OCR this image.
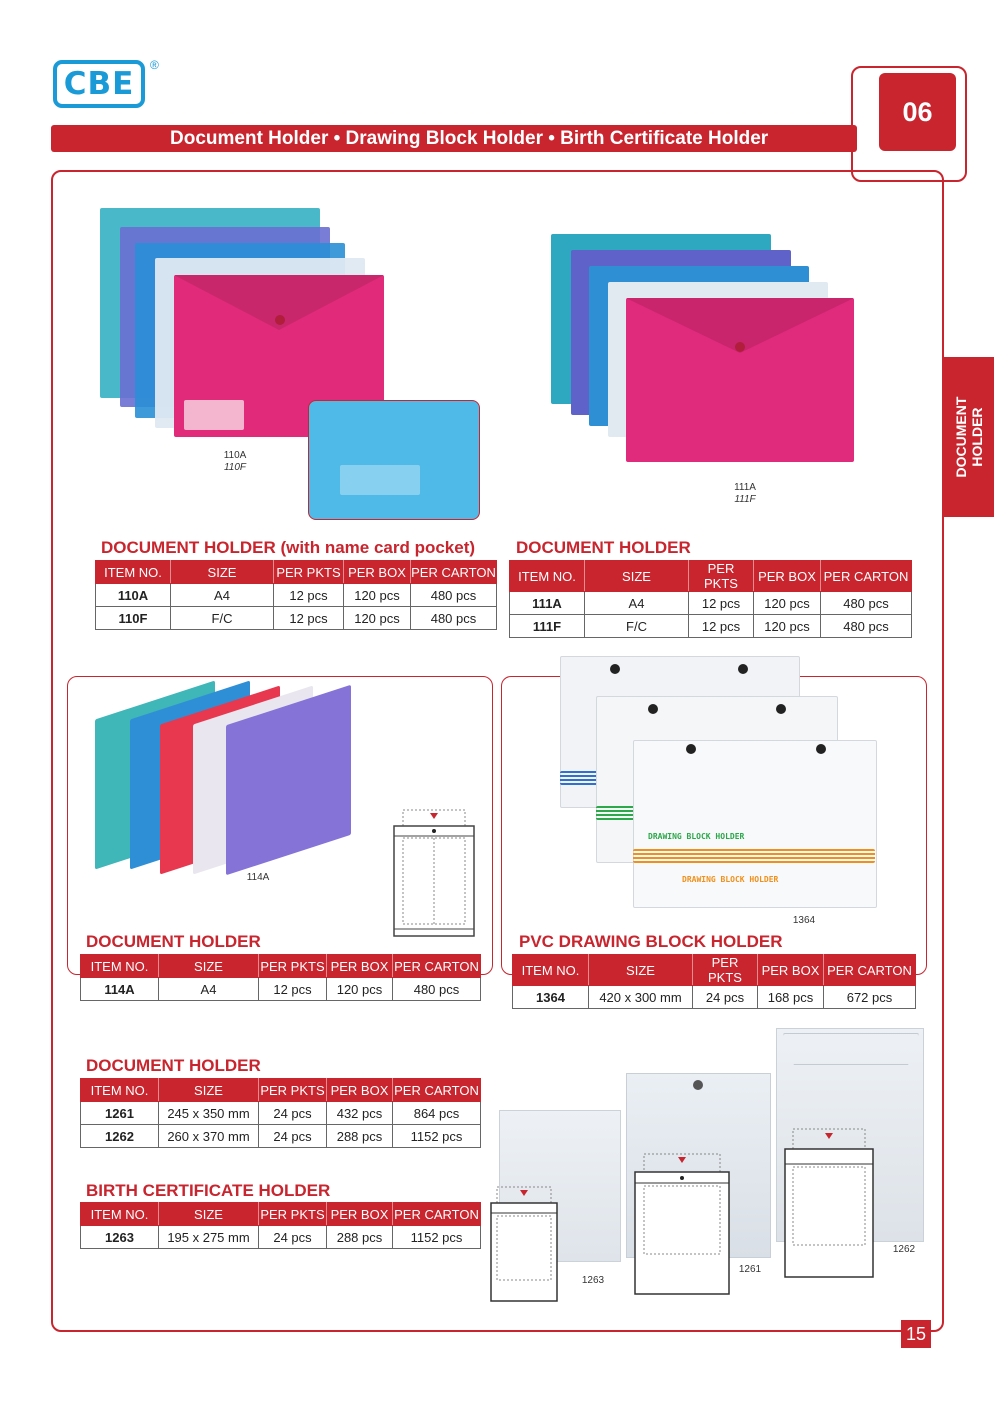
CBE
®
Document Holder • Drawing Block Holder • Birth Certificate Holder
06
DOCUMENT HOLDER
110A
110F
111A
111F
DOCUMENT HOLDER (with name card pocket)
ITEM NO.	SIZE	PER PKTS	PER BOX	PER CARTON
110A	A4	12 pcs	120 pcs	480 pcs
110F	F/C	12 pcs	120 pcs	480 pcs
DOCUMENT HOLDER
ITEM NO.	SIZE	PER PKTS	PER BOX	PER CARTON
111A	A4	12 pcs	120 pcs	480 pcs
111F	F/C	12 pcs	120 pcs	480 pcs
114A
DRAWING BLOCK HOLDER
DRAWING BLOCK HOLDER
1364
DOCUMENT HOLDER
ITEM NO.	SIZE	PER PKTS	PER BOX	PER CARTON
114A	A4	12 pcs	120 pcs	480 pcs
PVC DRAWING BLOCK HOLDER
ITEM NO.	SIZE	PER PKTS	PER BOX	PER CARTON
1364	420 x 300 mm	24 pcs	168 pcs	672 pcs
DOCUMENT HOLDER
ITEM NO.	SIZE	PER PKTS	PER BOX	PER CARTON
1261	245 x 350 mm	24 pcs	432 pcs	864 pcs
1262	260 x 370 mm	24 pcs	288 pcs	1152 pcs
BIRTH CERTIFICATE HOLDER
ITEM NO.	SIZE	PER PKTS	PER BOX	PER CARTON
1263	195 x 275 mm	24 pcs	288 pcs	1152 pcs
1263
1261
1262
15
